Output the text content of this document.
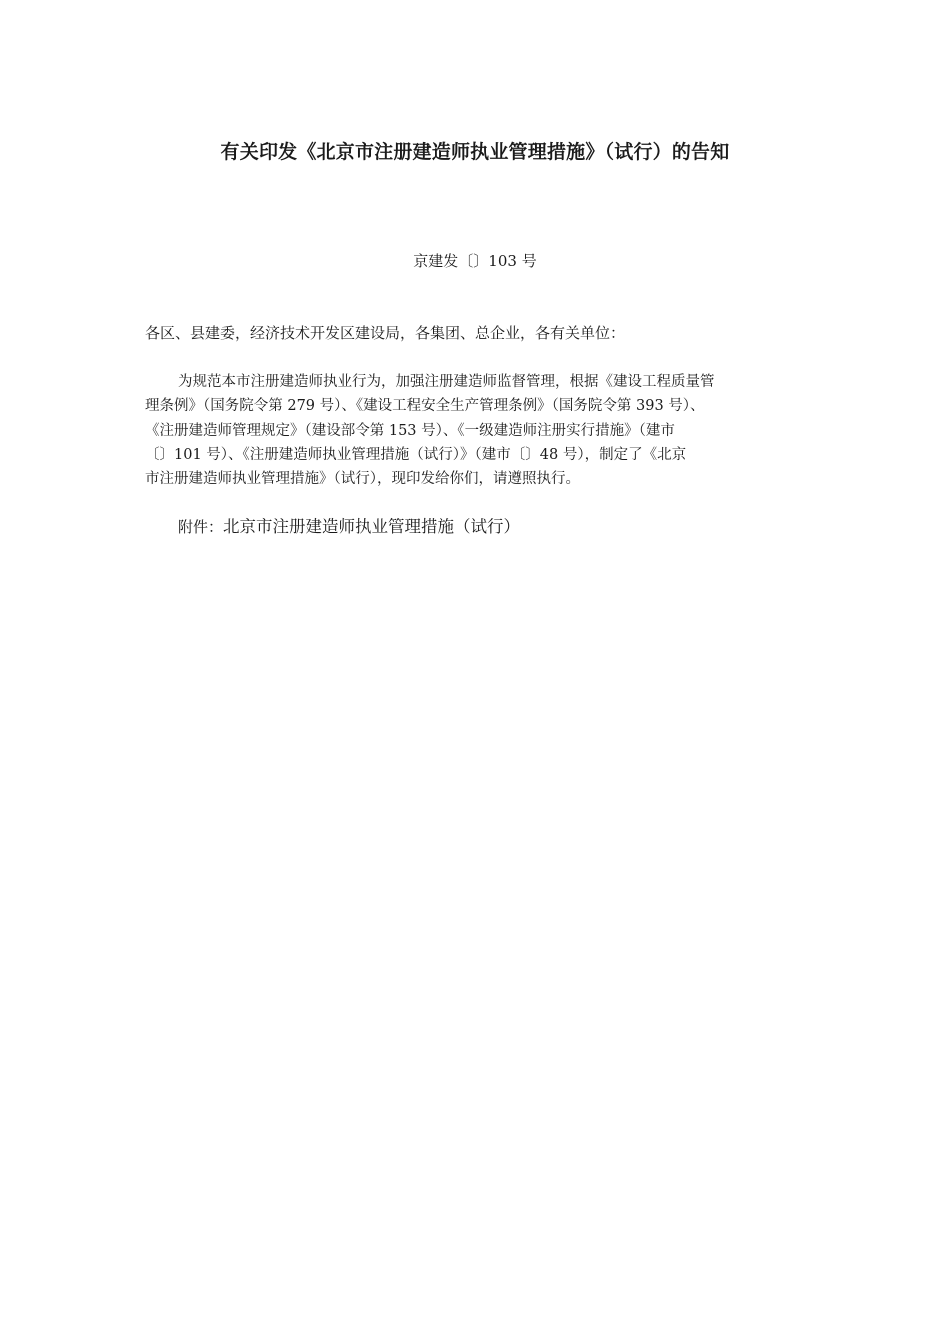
有关印发《北京市注册建造师执业管理措施》（试行）的告知
京建发〔〕103 号
各区、县建委，经济技术开发区建设局，各集团、总企业，各有关单位：
为规范本市注册建造师执业行为，加强注册建造师监督管理，根据《建设工程质量管
理条例》（国务院令第 279 号）、《建设工程安全生产管理条例》（国务院令第 393 号）、
《注册建造师管理规定》（建设部令第 153 号）、《一级建造师注册实行措施》（建市
〔〕101 号）、《注册建造师执业管理措施（试行）》（建市〔〕48 号），制定了《北京
市注册建造师执业管理措施》（试行），现印发给你们，请遵照执行。
附件：北京市注册建造师执业管理措施（试行）
